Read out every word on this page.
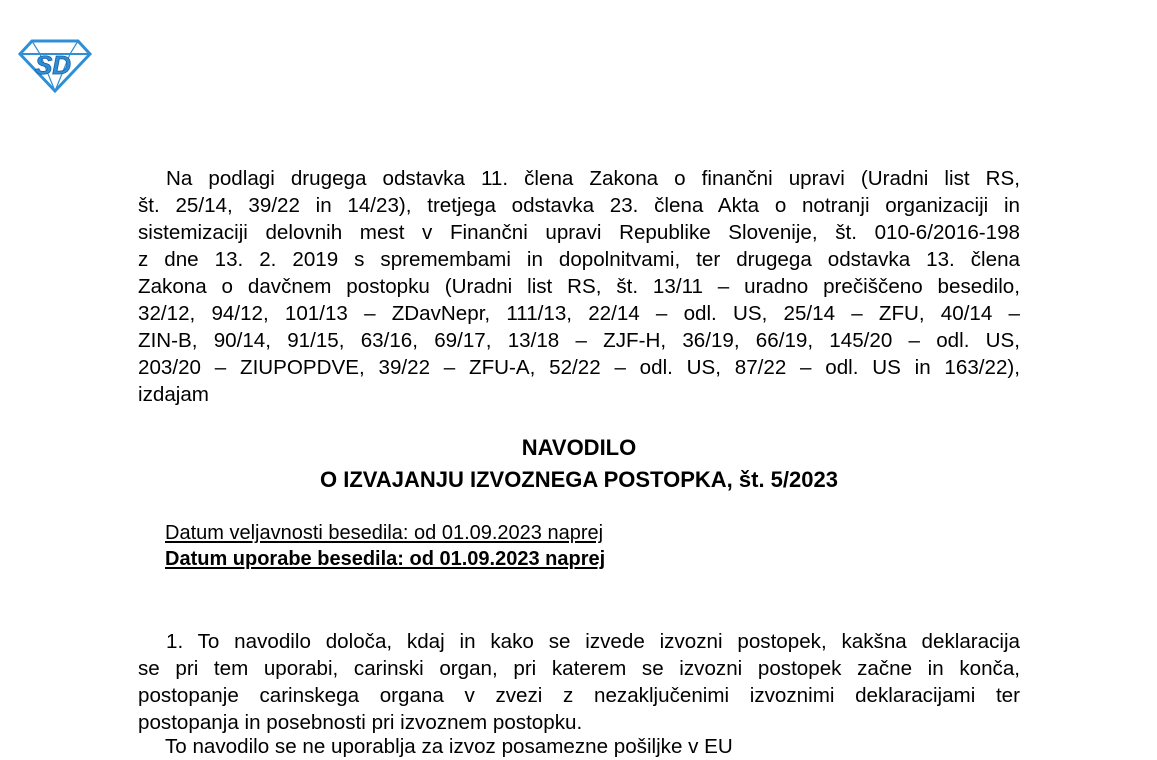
SD
Na podlagi drugega odstavka 11. člena Zakona o finančni upravi (Uradni list RS,
št. 25/14, 39/22 in 14/23), tretjega odstavka 23. člena Akta o notranji organizaciji in
sistemizaciji delovnih mest v Finančni upravi Republike Slovenije, št. 010-6/2016-198
z dne 13. 2. 2019 s spremembami in dopolnitvami, ter drugega odstavka 13. člena
Zakona o davčnem postopku (Uradni list RS, št. 13/11 – uradno prečiščeno besedilo,
32/12, 94/12, 101/13 – ZDavNepr, 111/13, 22/14 – odl. US, 25/14 – ZFU, 40/14 –
ZIN-B, 90/14, 91/15, 63/16, 69/17, 13/18 – ZJF-H, 36/19, 66/19, 145/20 – odl. US,
203/20 – ZIUPOPDVE, 39/22 – ZFU-A, 52/22 – odl. US, 87/22 – odl. US in 163/22),
izdajam
NAVODILO
O IZVAJANJU IZVOZNEGA POSTOPKA, št. 5/2023
Datum veljavnosti besedila: od 01.09.2023 naprej
Datum uporabe besedila: od 01.09.2023 naprej
1. To navodilo določa, kdaj in kako se izvede izvozni postopek, kakšna deklaracija
se pri tem uporabi, carinski organ, pri katerem se izvozni postopek začne in konča,
postopanje carinskega organa v zvezi z nezaključenimi izvoznimi deklaracijami ter
postopanja in posebnosti pri izvoznem postopku.
To navodilo se ne uporablja za izvoz posamezne pošiljke v EU
